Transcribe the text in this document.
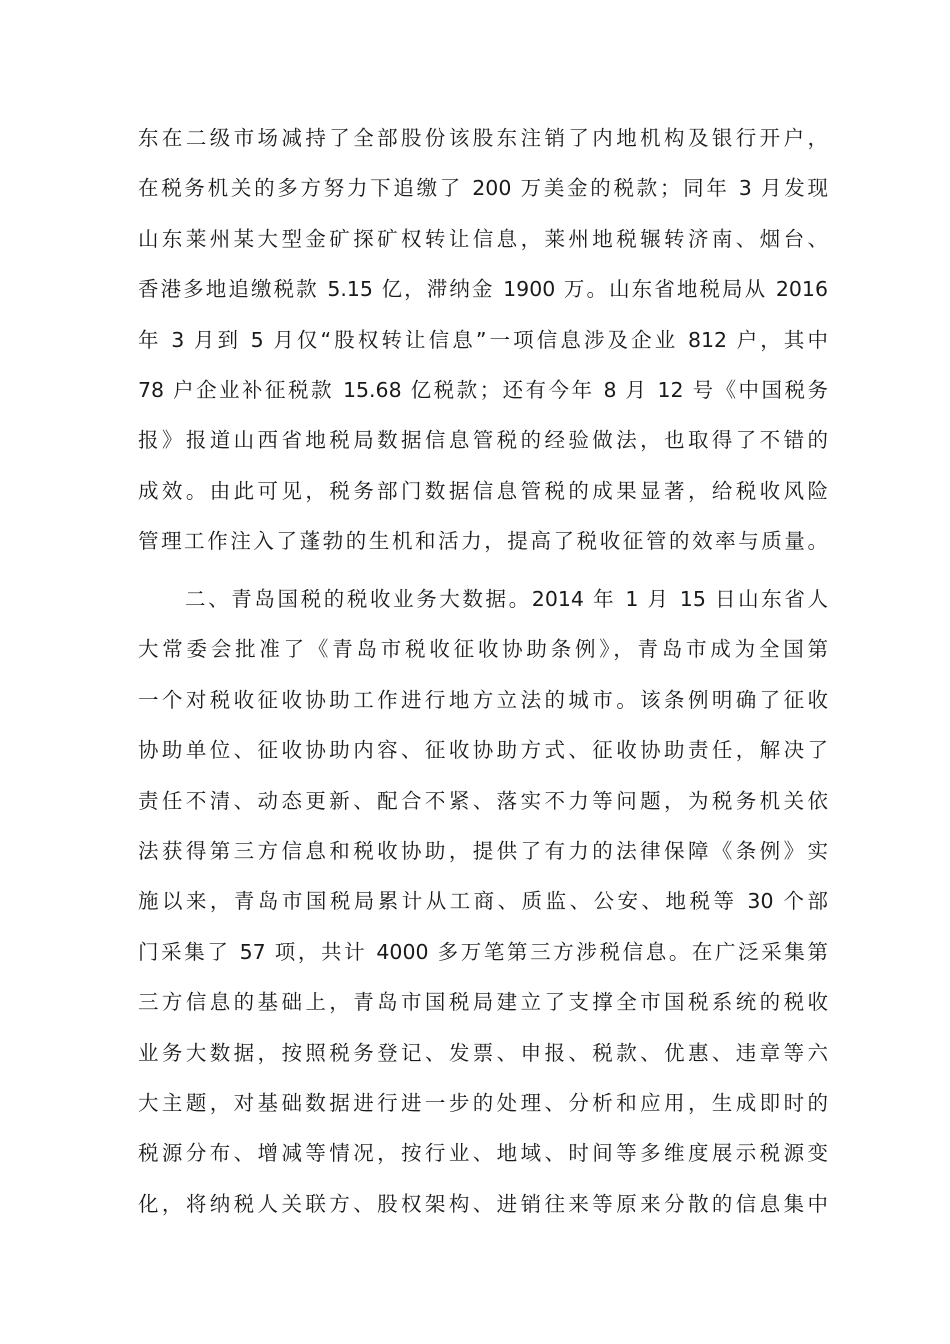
东在二级市场减持了全部股份该股东注销了内地机构及银行开户，
在税务机关的多方努力下追缴了 200 万美金的税款；同年 3 月发现
山东莱州某大型金矿探矿权转让信息，莱州地税辗转济南、烟台、
香港多地追缴税款 5.15 亿，滞纳金 1900 万。山东省地税局从 2016
年 3 月到 5 月仅“股权转让信息”一项信息涉及企业 812 户，其中
78 户企业补征税款 15.68 亿税款；还有今年 8 月 12 号《中国税务
报》报道山西省地税局数据信息管税的经验做法，也取得了不错的
成效。由此可见，税务部门数据信息管税的成果显著，给税收风险
管理工作注入了蓬勃的生机和活力，提高了税收征管的效率与质量。
二、青岛国税的税收业务大数据。2014 年 1 月 15 日山东省人
大常委会批准了《青岛市税收征收协助条例》，青岛市成为全国第
一个对税收征收协助工作进行地方立法的城市。该条例明确了征收
协助单位、征收协助内容、征收协助方式、征收协助责任，解决了
责任不清、动态更新、配合不紧、落实不力等问题，为税务机关依
法获得第三方信息和税收协助，提供了有力的法律保障《条例》实
施以来，青岛市国税局累计从工商、质监、公安、地税等 30 个部
门采集了 57 项，共计 4000 多万笔第三方涉税信息。在广泛采集第
三方信息的基础上，青岛市国税局建立了支撑全市国税系统的税收
业务大数据，按照税务登记、发票、申报、税款、优惠、违章等六
大主题，对基础数据进行进一步的处理、分析和应用，生成即时的
税源分布、增减等情况，按行业、地域、时间等多维度展示税源变
化，将纳税人关联方、股权架构、进销往来等原来分散的信息集中
